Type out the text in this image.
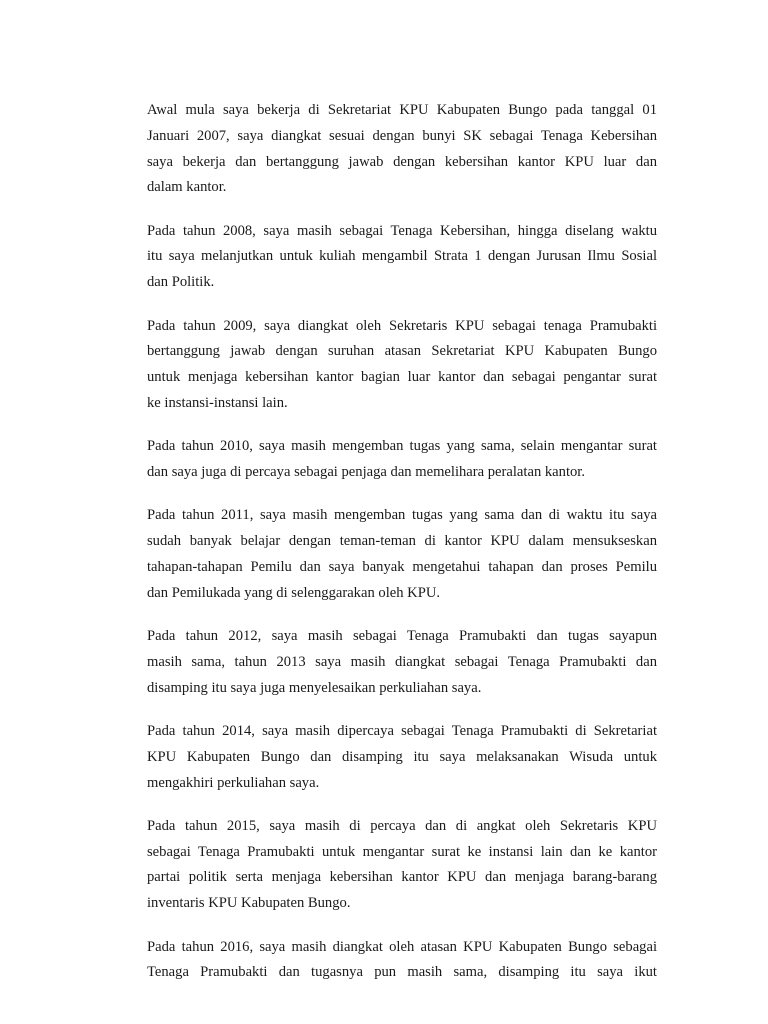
Awal mula saya bekerja di Sekretariat KPU Kabupaten Bungo pada tanggal 01
Januari 2007, saya diangkat sesuai dengan bunyi SK sebagai Tenaga Kebersihan
saya bekerja dan bertanggung jawab dengan kebersihan kantor KPU luar dan
dalam kantor.

Pada tahun 2008, saya masih sebagai Tenaga Kebersihan, hingga diselang waktu
itu saya melanjutkan untuk kuliah mengambil Strata 1 dengan Jurusan Ilmu Sosial
dan Politik.

Pada tahun 2009, saya diangkat oleh Sekretaris KPU sebagai tenaga Pramubakti
bertanggung jawab dengan suruhan atasan Sekretariat KPU Kabupaten Bungo
untuk menjaga kebersihan kantor bagian luar kantor dan sebagai pengantar surat
ke instansi-instansi lain.

Pada tahun 2010, saya masih mengemban tugas yang sama, selain mengantar surat
dan saya juga di percaya sebagai penjaga dan memelihara peralatan kantor.

Pada tahun 2011, saya masih mengemban tugas yang sama dan di waktu itu saya
sudah banyak belajar dengan teman-teman di kantor KPU dalam mensukseskan
tahapan-tahapan Pemilu dan saya banyak mengetahui tahapan dan proses Pemilu
dan Pemilukada yang di selenggarakan oleh KPU.

Pada tahun 2012, saya masih sebagai Tenaga Pramubakti dan tugas sayapun
masih sama, tahun 2013 saya masih diangkat sebagai Tenaga Pramubakti dan
disamping itu saya juga menyelesaikan perkuliahan saya.

Pada tahun 2014, saya masih dipercaya sebagai Tenaga Pramubakti di Sekretariat
KPU Kabupaten Bungo dan disamping itu saya melaksanakan Wisuda untuk
mengakhiri perkuliahan saya.

Pada tahun 2015, saya masih di percaya dan di angkat oleh Sekretaris KPU
sebagai Tenaga Pramubakti untuk mengantar surat ke instansi lain dan ke kantor
partai politik serta menjaga kebersihan kantor KPU dan menjaga barang-barang
inventaris KPU Kabupaten Bungo.

Pada tahun 2016, saya masih diangkat oleh atasan KPU Kabupaten Bungo sebagai
Tenaga Pramubakti dan tugasnya pun masih sama, disamping itu saya ikut
